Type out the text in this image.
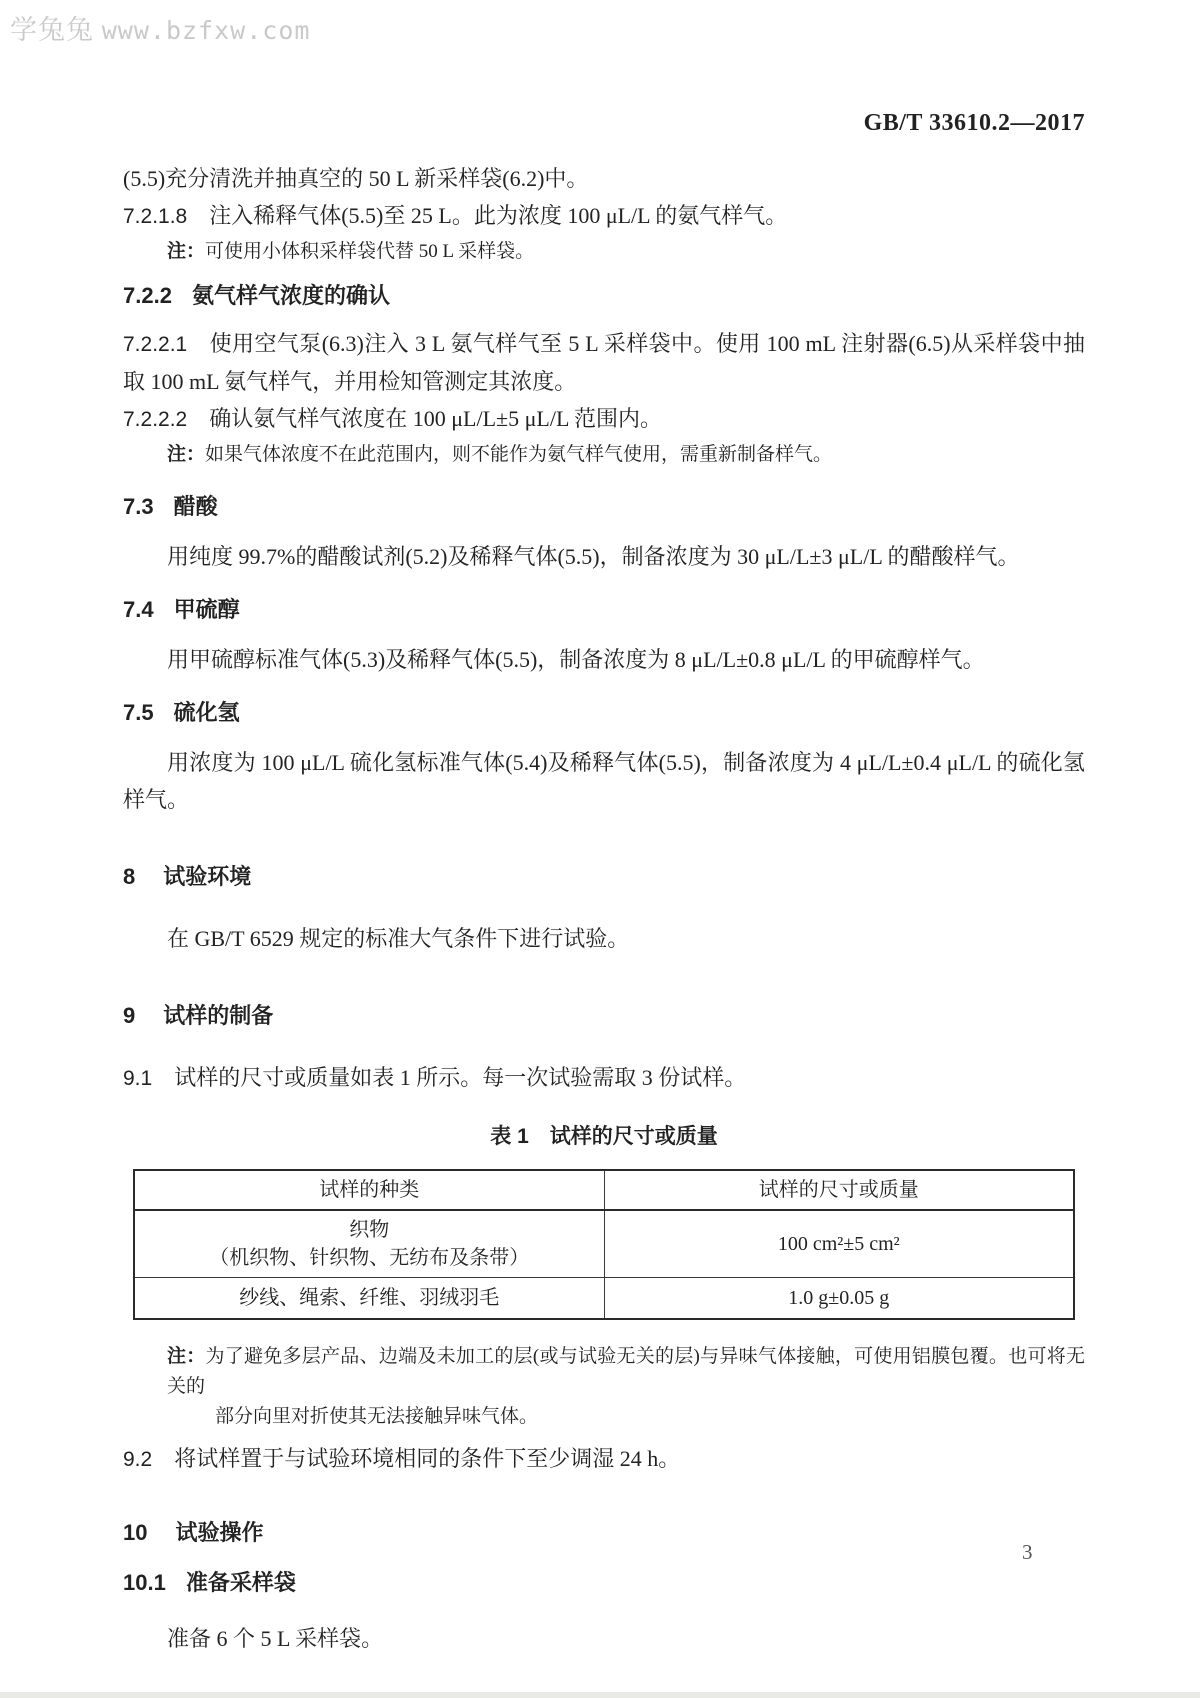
学兔兔 www.bzfxw.com
GB/T 33610.2—2017
(5.5)充分清洗并抽真空的 50 L 新采样袋(6.2)中。
7.2.1.8 注入稀释气体(5.5)至 25 L。此为浓度 100 μL/L 的氨气样气。
注：可使用小体积采样袋代替 50 L 采样袋。
7.2.2 氨气样气浓度的确认
7.2.2.1 使用空气泵(6.3)注入 3 L 氨气样气至 5 L 采样袋中。使用 100 mL 注射器(6.5)从采样袋中抽取 100 mL 氨气样气，并用检知管测定其浓度。
7.2.2.2 确认氨气样气浓度在 100 μL/L±5 μL/L 范围内。
注：如果气体浓度不在此范围内，则不能作为氨气样气使用，需重新制备样气。
7.3 醋酸
用纯度 99.7%的醋酸试剂(5.2)及稀释气体(5.5)，制备浓度为 30 μL/L±3 μL/L 的醋酸样气。
7.4 甲硫醇
用甲硫醇标准气体(5.3)及稀释气体(5.5)，制备浓度为 8 μL/L±0.8 μL/L 的甲硫醇样气。
7.5 硫化氢
用浓度为 100 μL/L 硫化氢标准气体(5.4)及稀释气体(5.5)，制备浓度为 4 μL/L±0.4 μL/L 的硫化氢样气。
8 试验环境
在 GB/T 6529 规定的标准大气条件下进行试验。
9 试样的制备
9.1 试样的尺寸或质量如表 1 所示。每一次试验需取 3 份试样。
表 1　试样的尺寸或质量
试样的种类	试样的尺寸或质量

织物
（机织物、针织物、无纺布及条带）	100 cm²±5 cm²
纱线、绳索、纤维、羽绒羽毛	1.0 g±0.05 g
注：为了避免多层产品、边端及未加工的层(或与试验无关的层)与异味气体接触，可使用铝膜包覆。也可将无关的
部分向里对折使其无法接触异味气体。
9.2 将试样置于与试验环境相同的条件下至少调湿 24 h。
10 试验操作
10.1 准备采样袋
准备 6 个 5 L 采样袋。
3
